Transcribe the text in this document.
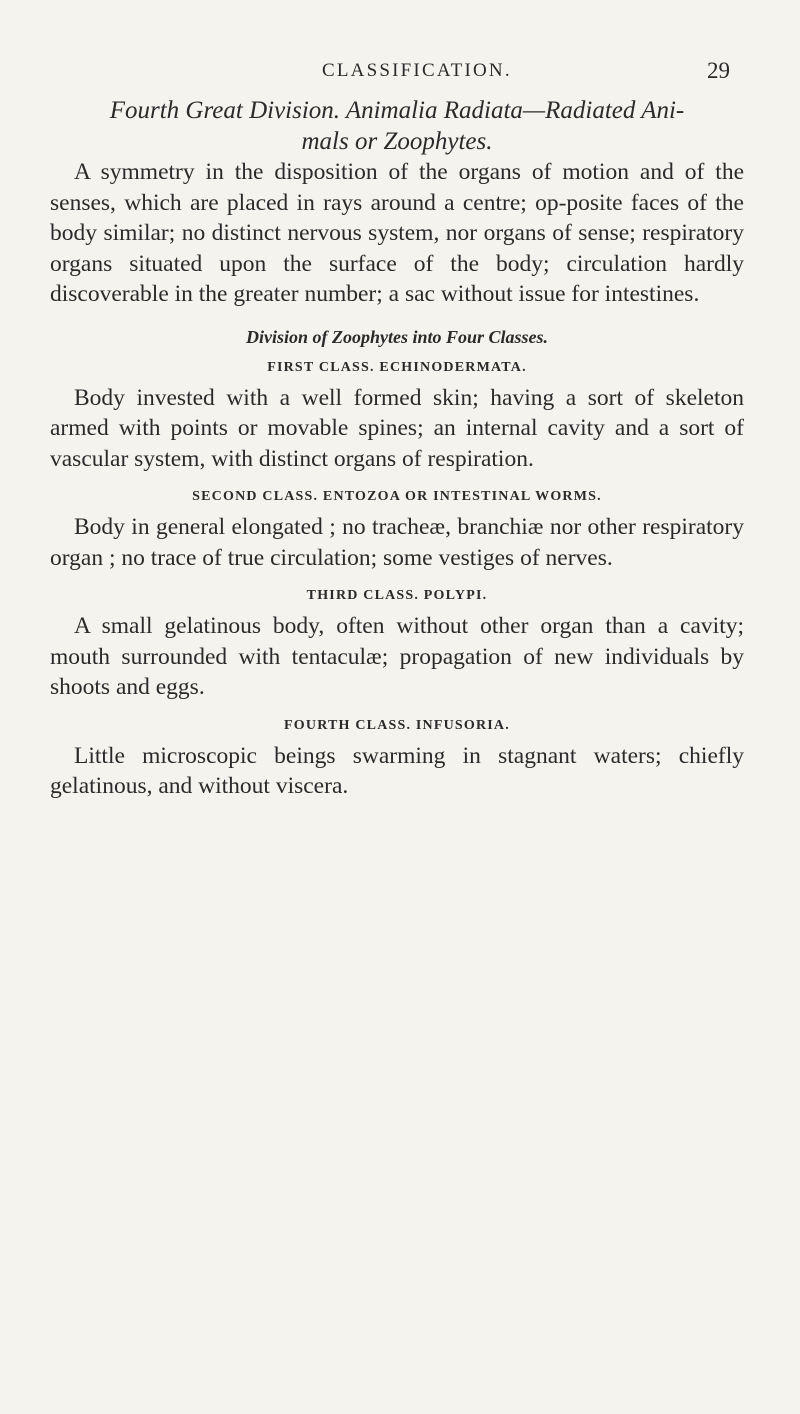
CLASSIFICATION.	29
Fourth Great Division. Animalia Radiata—Radiated Ani-
mals or Zoophytes.

A symmetry in the disposition of the organs of motion and of the senses, which are placed in rays around a centre; op-posite faces of the body similar; no distinct nervous system, nor organs of sense; respiratory organs situated upon the surface of the body; circulation hardly discoverable in the greater number; a sac without issue for intestines.

Division of Zoophytes into Four Classes.
FIRST CLASS. ECHINODERMATA.

Body invested with a well formed skin; having a sort of skeleton armed with points or movable spines; an internal cavity and a sort of vascular system, with distinct organs of respiration.

SECOND CLASS. ENTOZOA OR INTESTINAL WORMS.

Body in general elongated ; no tracheæ, branchiæ nor other respiratory organ ; no trace of true circulation; some vestiges of nerves.

THIRD CLASS. POLYPI.

A small gelatinous body, often without other organ than a cavity; mouth surrounded with tentaculæ; propagation of new individuals by shoots and eggs.

FOURTH CLASS. INFUSORIA.

Little microscopic beings swarming in stagnant waters; chiefly gelatinous, and without viscera.
